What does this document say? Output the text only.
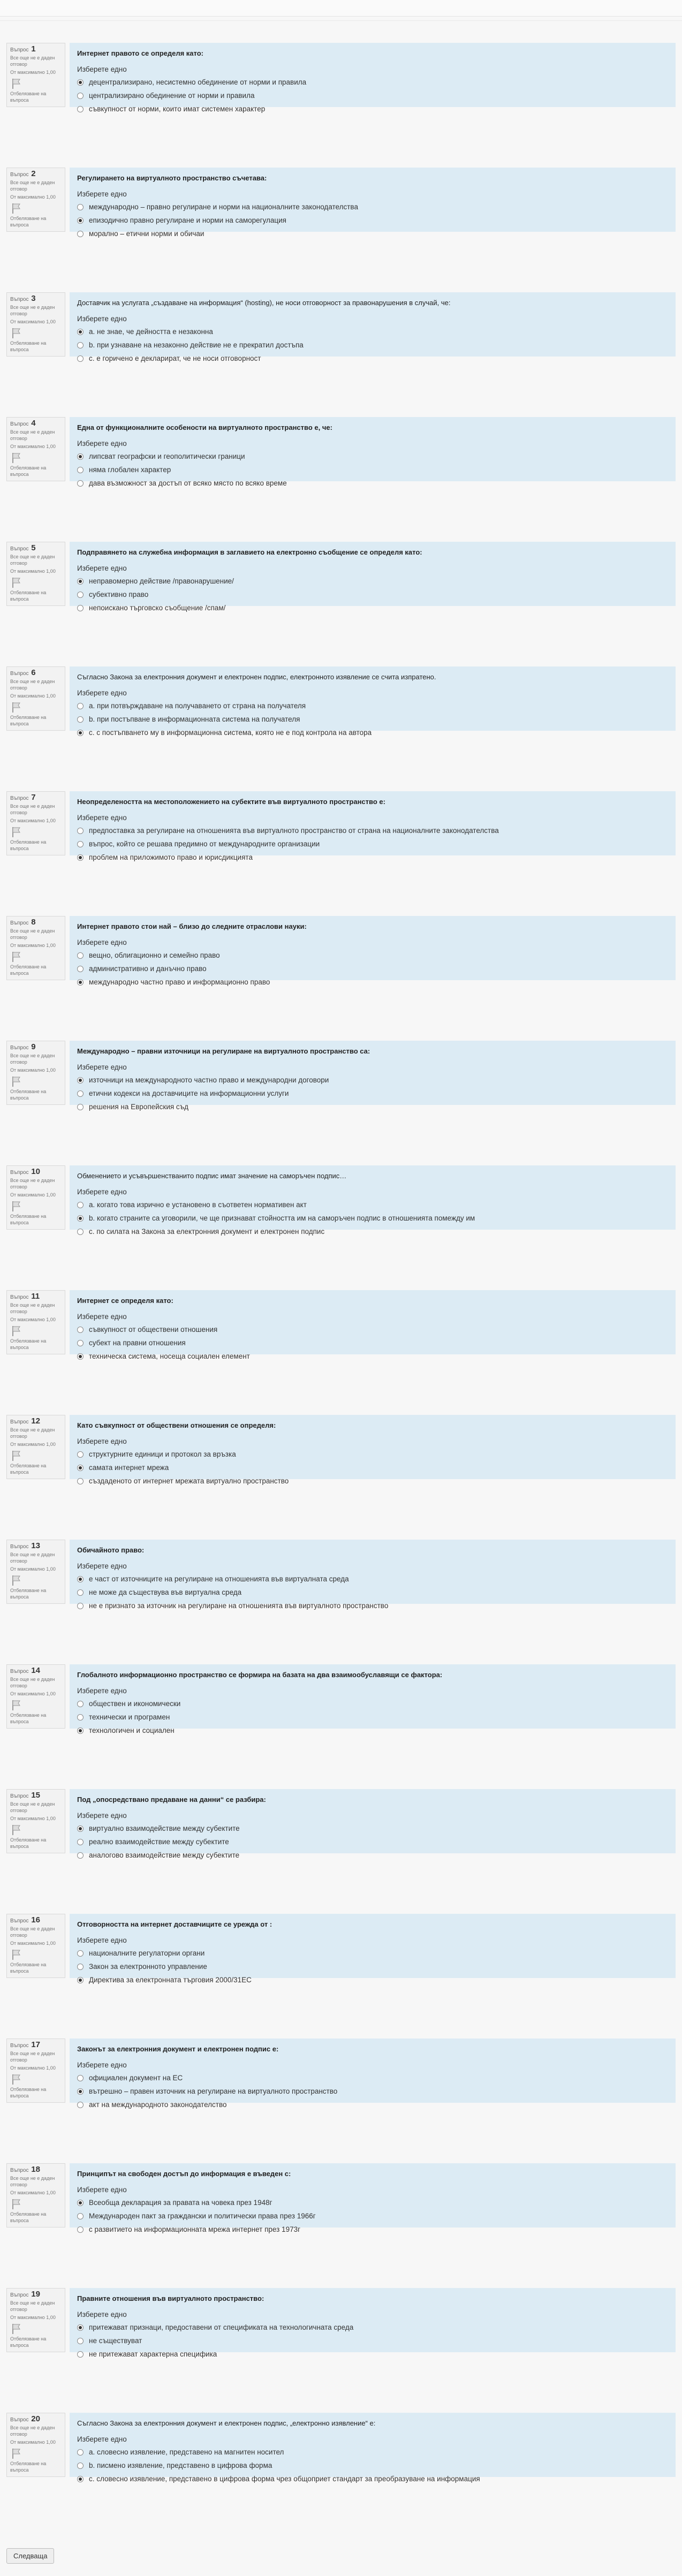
Въпрос 1
Все още не е даден отговор
От максимално 1,00
Отбелязване на въпроса
Интернет правото се определя като:
Изберете едно
децентрализирано, несистемно обединение от норми и правила
централизирано обединение от норми и правила
съвкупност от норми, които имат системен характер
Въпрос 2
Все още не е даден отговор
От максимално 1,00
Отбелязване на въпроса
Регулирането на виртуалното пространство съчетава:
Изберете едно
международно – правно регулиране и норми на националните законодателства
епизодично правно регулиране и норми на саморегулация
морално – етични норми и обичаи
Въпрос 3
Все още не е даден отговор
От максимално 1,00
Отбелязване на въпроса
Доставчик на услугата „създаване на информация“ (hosting), не носи отговорност за правонарушения в случай, че:
Изберете едно
a. не знае, че дейността е незаконна
b. при узнаване на незаконно действие не е прекратил достъпа
c. е горичено е декларират, че не носи отговорност
Въпрос 4
Все още не е даден отговор
От максимално 1,00
Отбелязване на въпроса
Една от функционалните особености на виртуалното пространство е, че:
Изберете едно
липсват географски и геополитически граници
няма глобален характер
дава възможност за достъп от всяко място по всяко време
Въпрос 5
Все още не е даден отговор
От максимално 1,00
Отбелязване на въпроса
Подправянето на служебна информация в заглавието на електронно съобщение се определя като:
Изберете едно
неправомерно действие /правонарушение/
субективно право
непоискано търговско съобщение /спам/
Въпрос 6
Все още не е даден отговор
От максимално 1,00
Отбелязване на въпроса
Съгласно Закона за електронния документ и електронен подпис, електронното изявление се счита изпратено.
Изберете едно
a. при потвърждаване на получаването от страна на получателя
b. при постъпване в информационната система на получателя
c. с постъпването му в информационна система, която не е под контрола на автора
Въпрос 7
Все още не е даден отговор
От максимално 1,00
Отбелязване на въпроса
Неопределеността на местоположението на субектите във виртуалното пространство е:
Изберете едно
предпоставка за регулиране на отношенията във виртуалното пространство от страна на националните законодателства
въпрос, който се решава предимно от международните организации
проблем на приложимото право и юрисдикцията
Въпрос 8
Все още не е даден отговор
От максимално 1,00
Отбелязване на въпроса
Интернет правото стои най – близо до следните отраслови науки:
Изберете едно
вещно, облигационно и семейно право
административно и данъчно право
международно частно право и информационно право
Въпрос 9
Все още не е даден отговор
От максимално 1,00
Отбелязване на въпроса
Международно – правни източници на регулиране на виртуалното пространство са:
Изберете едно
източници на международното частно право и международни договори
етични кодекси на доставчиците на информационни услуги
решения на Европейския съд
Въпрос 10
Все още не е даден отговор
От максимално 1,00
Отбелязване на въпроса
Обменението и усъвършенстванито подпис имат значение на саморъчен подпис…
Изберете едно
a. когато това изрично е установено в съответен нормативен акт
b. когато страните са уговорили, че ще признават стойността им на саморъчен подпис в отношенията помежду им
c. по силата на Закона за електронния документ и електронен подпис
Въпрос 11
Все още не е даден отговор
От максимално 1,00
Отбелязване на въпроса
Интернет се определя като:
Изберете едно
съвкупност от обществени отношения
субект на правни отношения
техническа система, носеща социален елемент
Въпрос 12
Все още не е даден отговор
От максимално 1,00
Отбелязване на въпроса
Като съвкупност от обществени отношения се определя:
Изберете едно
структурните единици и протокол за връзка
самата интернет мрежа
създаденото от интернет мрежата виртуално пространство
Въпрос 13
Все още не е даден отговор
От максимално 1,00
Отбелязване на въпроса
Обичайното право:
Изберете едно
е част от източниците на регулиране на отношенията във виртуалната среда
не може да съществува във виртуална среда
не е признато за източник на регулиране на отношенията във виртуалното пространство
Въпрос 14
Все още не е даден отговор
От максимално 1,00
Отбелязване на въпроса
Глобалното информационно пространство се формира на базата на два взаимообуславящи се фактора:
Изберете едно
обществен и икономически
технически и програмен
технологичен и социален
Въпрос 15
Все още не е даден отговор
От максимално 1,00
Отбелязване на въпроса
Под „опосредствано предаване на данни“ се разбира:
Изберете едно
виртуално взаимодействие между субектите
реално взаимодействие между субектите
аналогово взаимодействие между субектите
Въпрос 16
Все още не е даден отговор
От максимално 1,00
Отбелязване на въпроса
Отговорността на интернет доставчиците се урежда от :
Изберете едно
националните регулаторни органи
Закон за електронното управление
Директива за електронната търговия 2000/31ЕС
Въпрос 17
Все още не е даден отговор
От максимално 1,00
Отбелязване на въпроса
Законът за електронния документ и електронен подпис е:
Изберете едно
официален документ на ЕС
вътрешно – правен източник на регулиране на виртуалното пространство
акт на международното законодателство
Въпрос 18
Все още не е даден отговор
От максимално 1,00
Отбелязване на въпроса
Принципът на свободен достъп до информация е въведен с:
Изберете едно
Всеобща декларация за правата на човека през 1948г
Международен пакт за граждански и политически права през 1966г
с развитието на информационната мрежа интернет през 1973г
Въпрос 19
Все още не е даден отговор
От максимално 1,00
Отбелязване на въпроса
Правните отношения във виртуалното пространство:
Изберете едно
притежават признаци, предоставени от спецификата на технологичната среда
не съществуват
не притежават характерна специфика
Въпрос 20
Все още не е даден отговор
От максимално 1,00
Отбелязване на въпроса
Съгласно Закона за електронния документ и електронен подпис, „електронно изявление“ е:
Изберете едно
a. словесно изявление, представено на магнитен носител
b. писмено изявление, представено в цифрова форма
c. словесно изявление, представено в цифрова форма чрез общоприет стандарт за преобразуване на информация
Следваща
